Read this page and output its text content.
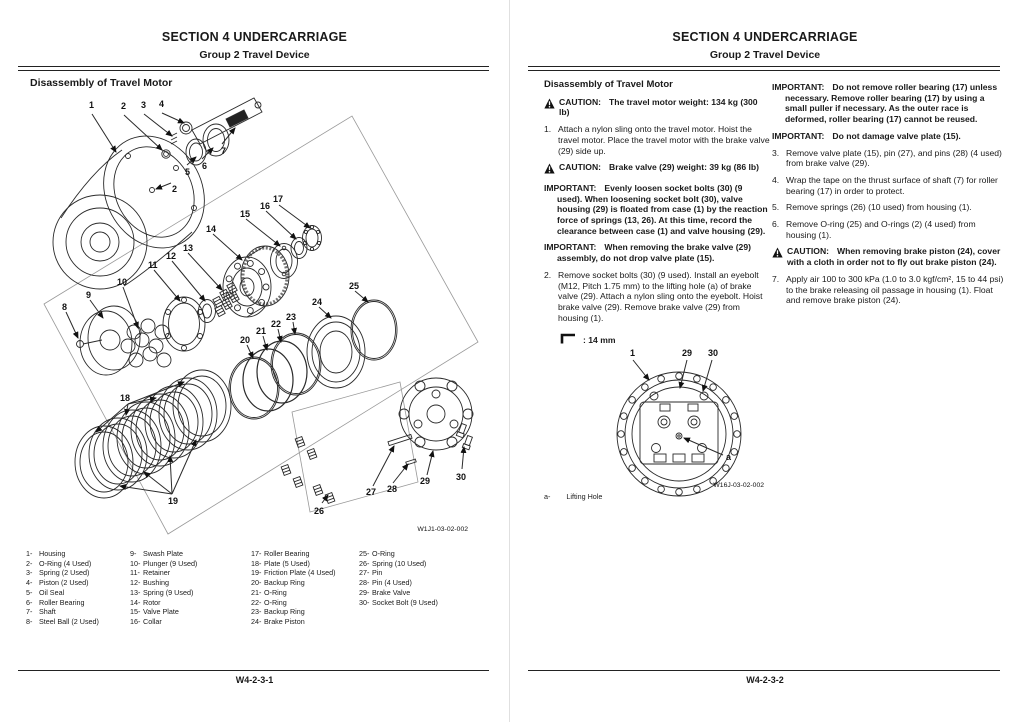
SECTION 4 UNDERCARRIAGE
Group 2 Travel Device
Disassembly of Travel Motor
1	2 3 4
7
6
5
2
8
9
10
11
12
13
14
15
16
17
20
21
22
23
24
25
18
19
26
27 28
29	30
W1J1-03-02-002
1- Housing
2- O-Ring (4 Used)
3- Spring (2 Used)
4- Piston (2 Used)
5- Oil Seal
6- Roller Bearing
7- Shaft
8- Steel Ball (2 Used)
9- Swash Plate
10- Plunger (9 Used)
11- Retainer
12- Bushing
13- Spring (9 Used)
14- Rotor
15- Valve Plate
16- Collar
17- Roller Bearing
18- Plate (5 Used)
19- Friction Plate (4 Used)
20- Backup Ring
21- O-Ring
22- O-Ring
23- Backup Ring
24- Brake Piston
25- O-Ring
26- Spring (10 Used)
27- Pin
28- Pin (4 Used)
29- Brake Valve
30- Socket Bolt (9 Used)
W4-2-3-1
SECTION 4 UNDERCARRIAGE
Group 2 Travel Device

Disassembly of Travel Motor

CAUTION: The travel motor weight: 134 kg (300 lb)
1. Attach a nylon sling onto the travel motor. Hoist the travel motor. Place the travel motor with the brake valve (29) side up.
CAUTION: Brake valve (29) weight: 39 kg (86 lb)

IMPORTANT: Evenly loosen socket bolts (30) (9 used). When loosening socket bolt (30), valve housing (29) is floated from case (1) by the reaction force of springs (13, 26). At this time, record the clearance between case (1) and valve housing (29).

IMPORTANT: When removing the brake valve (29) assembly, do not drop valve plate (15).

2. Remove socket bolts (30) (9 used). Install an eyebolt (M12, Pitch 1.75 mm) to the lifting hole (a) of brake valve (29). Attach a nylon sling onto the eyebolt. Hoist brake valve (29). Remove brake valve (29) from housing (1).
: 14 mm

IMPORTANT: Do not remove roller bearing (17) unless necessary. Remove roller bearing (17) by using a small puller if necessary. As the outer race is deformed, roller bearing (17) cannot be reused.

IMPORTANT: Do not damage valve plate (15).

3. Remove valve plate (15), pin (27), and pins (28) (4 used) from brake valve (29).
4. Wrap the tape on the thrust surface of shaft (7) for roller bearing (17) in order to protect.
5. Remove springs (26) (10 used) from housing (1).
6. Remove O-ring (25) and O-rings (2) (4 used) from housing (1).
CAUTION: When removing brake piston (24), cover with a cloth in order not to fly out brake piston (24).
7. Apply air 100 to 300 kPa (1.0 to 3.0 kgf/cm², 15 to 44 psi) to the brake releasing oil passage in housing (1). Float and remove brake piston (24).
1	29 30
a
W16J-03-02-002
a- Lifting Hole
W4-2-3-2
